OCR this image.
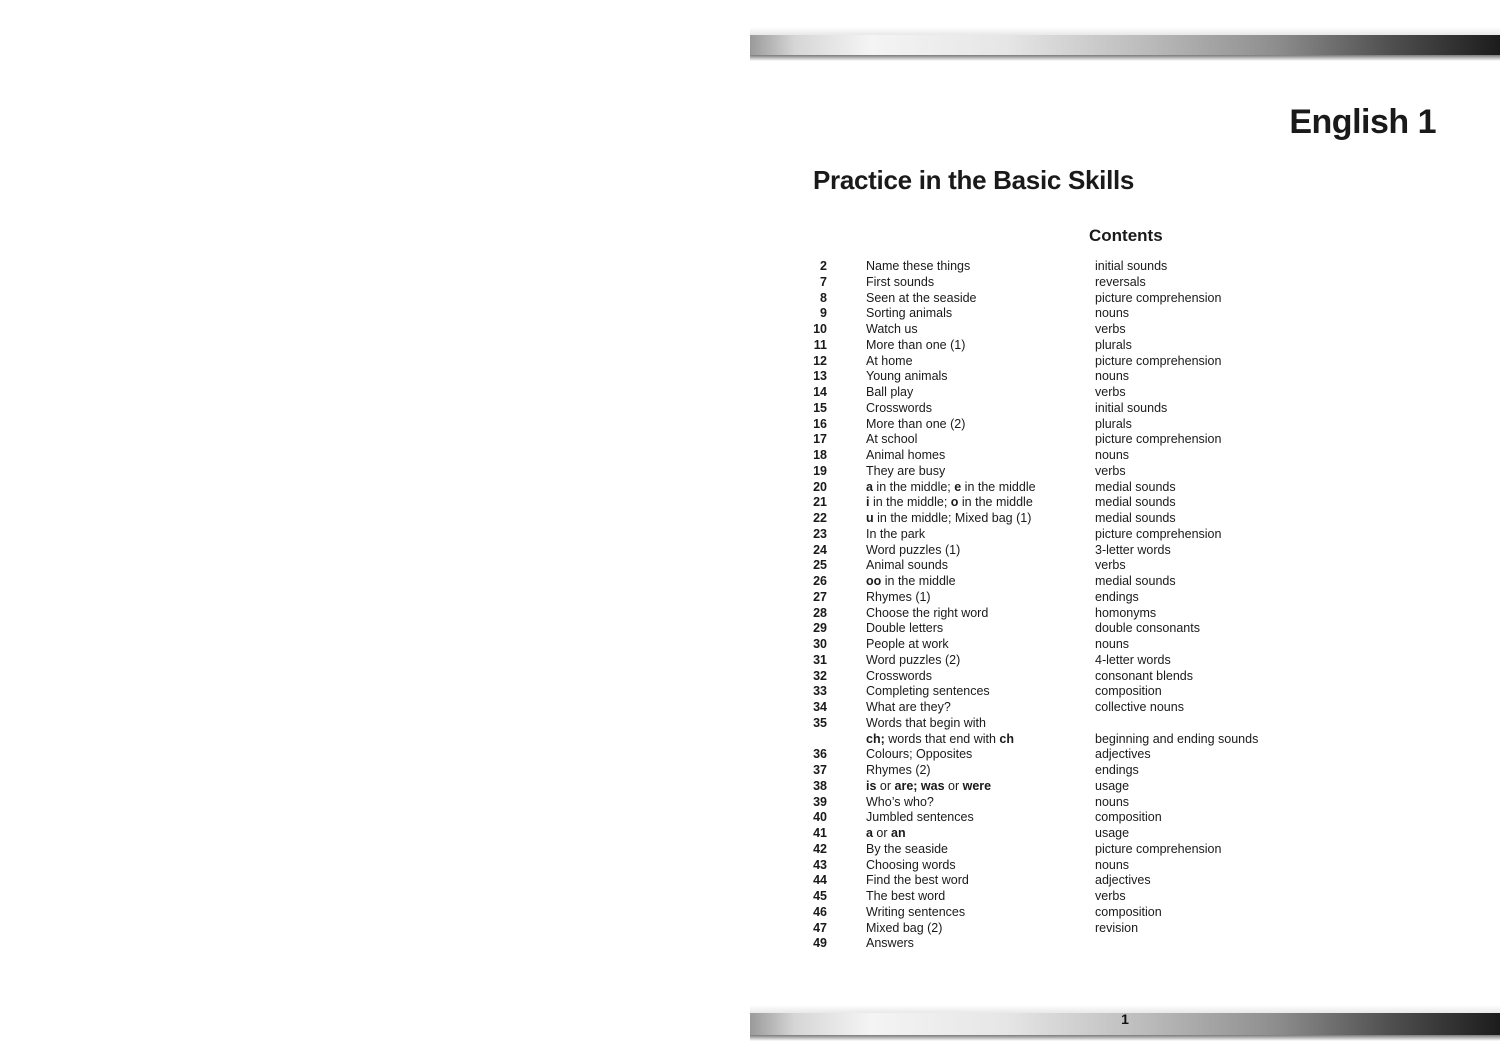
English 1
Practice in the Basic Skills
Contents
2	Name these things	initial sounds
7	First sounds	reversals
8	Seen at the seaside	picture comprehension
9	Sorting animals	nouns
10	Watch us	verbs
11	More than one (1)	plurals
12	At home	picture comprehension
13	Young animals	nouns
14	Ball play	verbs
15	Crosswords	initial sounds
16	More than one (2)	plurals
17	At school	picture comprehension
18	Animal homes	nouns
19	They are busy	verbs
20	a in the middle; e in the middle	medial sounds
21	i in the middle; o in the middle	medial sounds
22	u in the middle; Mixed bag (1)	medial sounds
23	In the park	picture comprehension
24	Word puzzles (1)	3-letter words
25	Animal sounds	verbs
26	oo in the middle	medial sounds
27	Rhymes (1)	endings
28	Choose the right word	homonyms
29	Double letters	double consonants
30	People at work	nouns
31	Word puzzles (2)	4-letter words
32	Crosswords	consonant blends
33	Completing sentences	composition
34	What are they?	collective nouns
35	Words that begin with
ch; words that end with ch	beginning and ending sounds
36	Colours; Opposites	adjectives
37	Rhymes (2)	endings
38	is or are; was or were	usage
39	Who’s who?	nouns
40	Jumbled sentences	composition
41	a or an	usage
42	By the seaside	picture comprehension
43	Choosing words	nouns
44	Find the best word	adjectives
45	The best word	verbs
46	Writing sentences	composition
47	Mixed bag (2)	revision
49	Answers
1
